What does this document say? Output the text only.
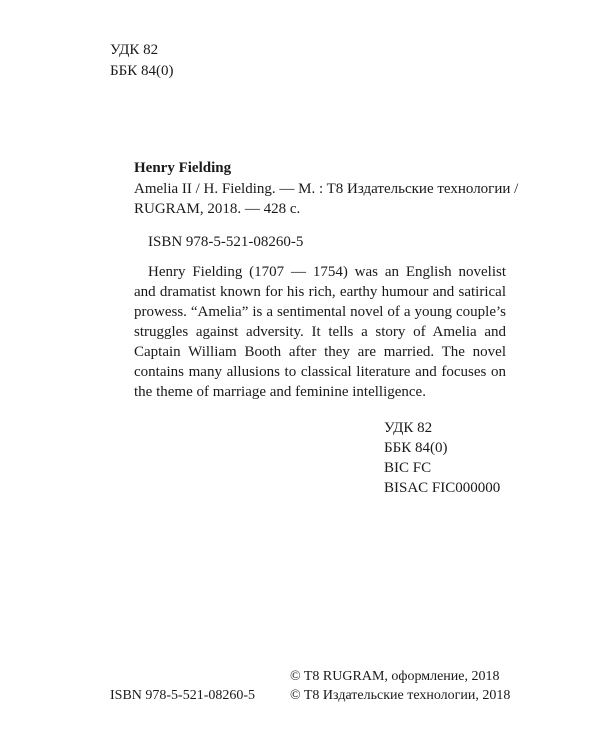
УДК 82
ББК 84(0)
Henry Fielding
Amelia II / H. Fielding. — M. : T8 Издательские технологии /
RUGRAM, 2018. — 428 с.
ISBN 978-5-521-08260-5
Henry Fielding (1707 — 1754) was an English novelist and dramatist known for his rich, earthy humour and satirical prowess. “Amelia” is a sentimental novel of a young couple’s struggles against adversity. It tells a story of Amelia and Captain William Booth after they are married. The novel contains many allusions to classical literature and focuses on the theme of marriage and feminine intelligence.
УДК 82
ББК 84(0)
BIC FC
BISAC FIC000000
© T8 RUGRAM, оформление, 2018
© T8 Издательские технологии, 2018
ISBN 978-5-521-08260-5
